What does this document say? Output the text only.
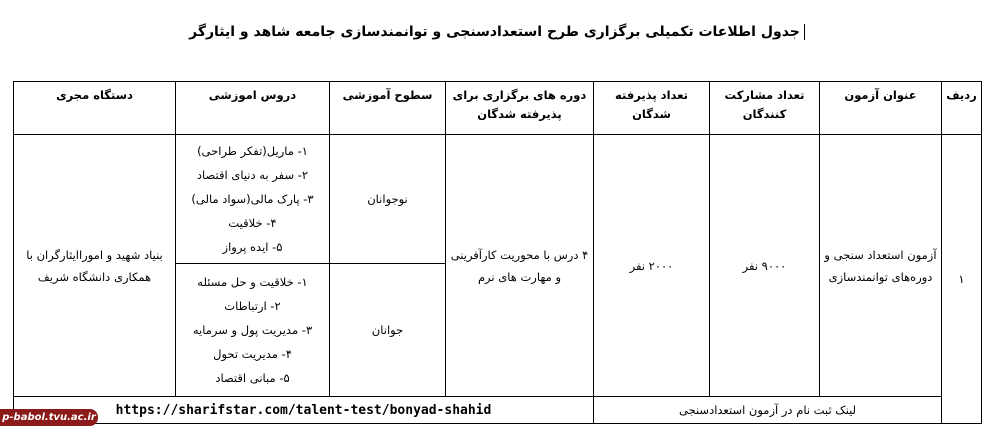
جدول اطلاعات تکمیلی برگزاری طرح استعدادسنجی و توانمندسازی جامعه شاهد و ایثارگر
ردیف	عنوان آزمون	تعداد مشارکت کنندگان	تعداد پذیرفته شدگان	دوره های برگزاری برای پذیرفته شدگان	سطوح آموزشی	دروس اموزشی	دستگاه مجری
۱	آزمون استعداد سنجی و دوره‌های توانمندسازی	۹۰۰۰ نفر	۲۰۰۰ نفر	۴ درس با محوریت کارآفرینی و مهارت های نرم	نوجوانان	۱- ماریل(تفکر طراحی)
۲- سفر به دنیای اقتصاد
۳- پارک مالی(سواد مالی)
۴- خلاقیت
۵- ایده پرواز	بنیاد شهید و اموراایثارگران با همکاری دانشگاه شریف
					جوانان	۱- خلاقیت و حل مسئله
۲- ارتباطات
۳- مدیریت پول و سرمایه
۴- مدیریت تحول
۵- مبانی اقتصاد	

	لینک ثبت نام در آزمون استعدادسنجی			https://sharifstar.com/talent-test/bonyad-shahid			
p-babol.tvu.ac.ir
